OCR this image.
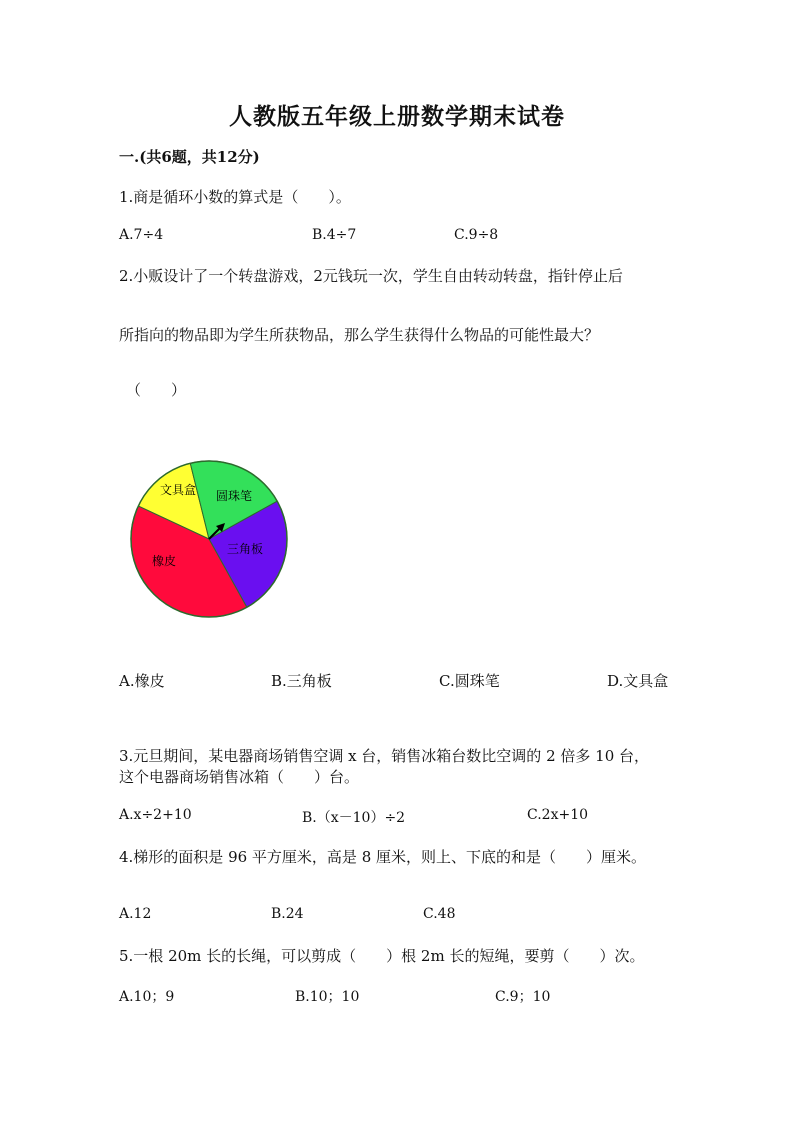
人教版五年级上册数学期末试卷
一.(共6题，共12分)
1.商是循环小数的算式是（　　）。
A.7÷4	B.4÷7	C.9÷8
2.小贩设计了一个转盘游戏，2元钱玩一次，学生自由转动转盘，指针停止后
所指向的物品即为学生所获物品，那么学生获得什么物品的可能性最大？
（　　）
文具盒 圆珠笔
三角板
橡皮
A.橡皮	B.三角板	C.圆珠笔	D.文具盒
3.元旦期间，某电器商场销售空调 x 台，销售冰箱台数比空调的 2 倍多 10 台，
这个电器商场销售冰箱（　　）台。
A.x÷2+10	B.（x－10）÷2	C.2x+10
4.梯形的面积是 96 平方厘米，高是 8 厘米，则上、下底的和是（　　）厘米。
A.12	B.24	C.48
5.一根 20m 长的长绳，可以剪成（　　）根 2m 长的短绳，要剪（　　）次。
A.10；9	B.10；10	C.9；10
